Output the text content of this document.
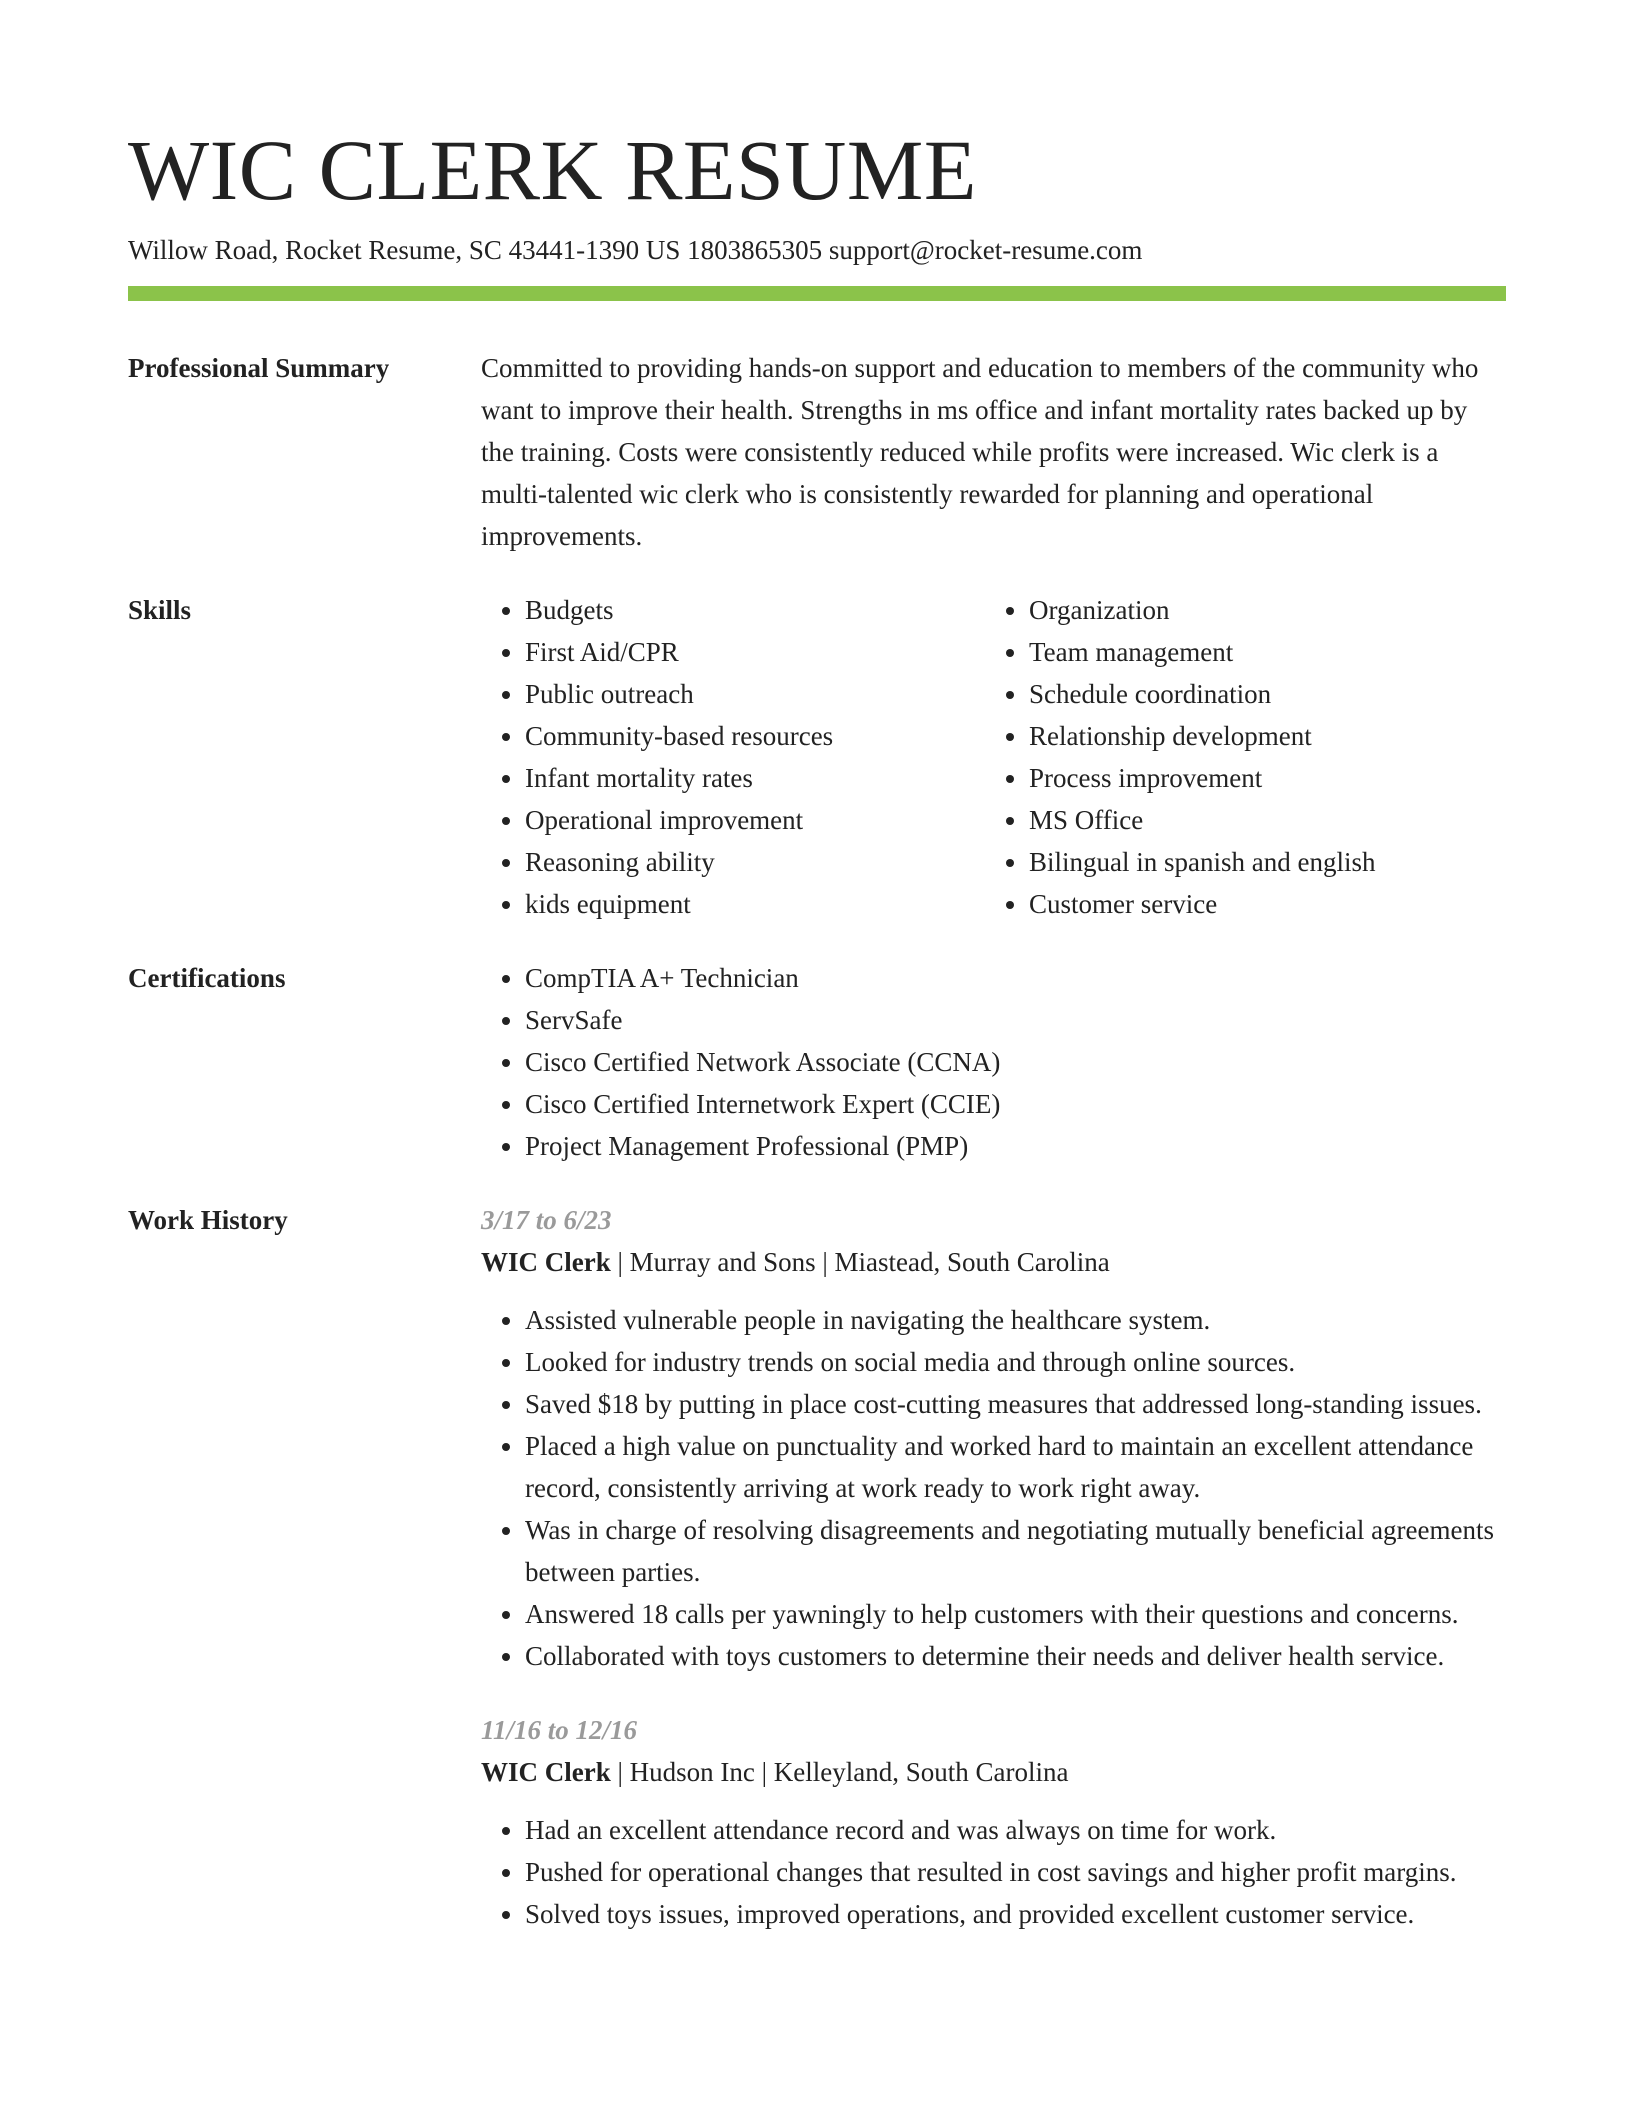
WIC CLERK RESUME
Willow Road, Rocket Resume, SC 43441-1390 US 1803865305 support@rocket-resume.com
Professional Summary	Committed to providing hands-on support and education to members of the community who want to improve their health. Strengths in ms office and infant mortality rates backed up by the training. Costs were consistently reduced while profits were increased. Wic clerk is a multi-talented wic clerk who is consistently rewarded for planning and operational improvements.

Skills	• Budgets
• First Aid/CPR
• Public outreach
• Community-based resources
• Infant mortality rates
• Operational improvement
• Reasoning ability
• kids equipment
• Organization
• Team management
• Schedule coordination
• Relationship development
• Process improvement
• MS Office
• Bilingual in spanish and english
• Customer service
Certifications	• CompTIA A+ Technician
• ServSafe
• Cisco Certified Network Associate (CCNA)
• Cisco Certified Internetwork Expert (CCIE)
• Project Management Professional (PMP)
Work History	3/17 to 6/23
WIC Clerk | Murray and Sons | Miastead, South Carolina
• Assisted vulnerable people in navigating the healthcare system.
• Looked for industry trends on social media and through online sources.
• Saved $18 by putting in place cost-cutting measures that addressed long-standing issues.
• Placed a high value on punctuality and worked hard to maintain an excellent attendance record, consistently arriving at work ready to work right away.
• Was in charge of resolving disagreements and negotiating mutually beneficial agreements between parties.
• Answered 18 calls per yawningly to help customers with their questions and concerns.
• Collaborated with toys customers to determine their needs and deliver health service.
11/16 to 12/16
WIC Clerk | Hudson Inc | Kelleyland, South Carolina
• Had an excellent attendance record and was always on time for work.
• Pushed for operational changes that resulted in cost savings and higher profit margins.
• Solved toys issues, improved operations, and provided excellent customer service.
